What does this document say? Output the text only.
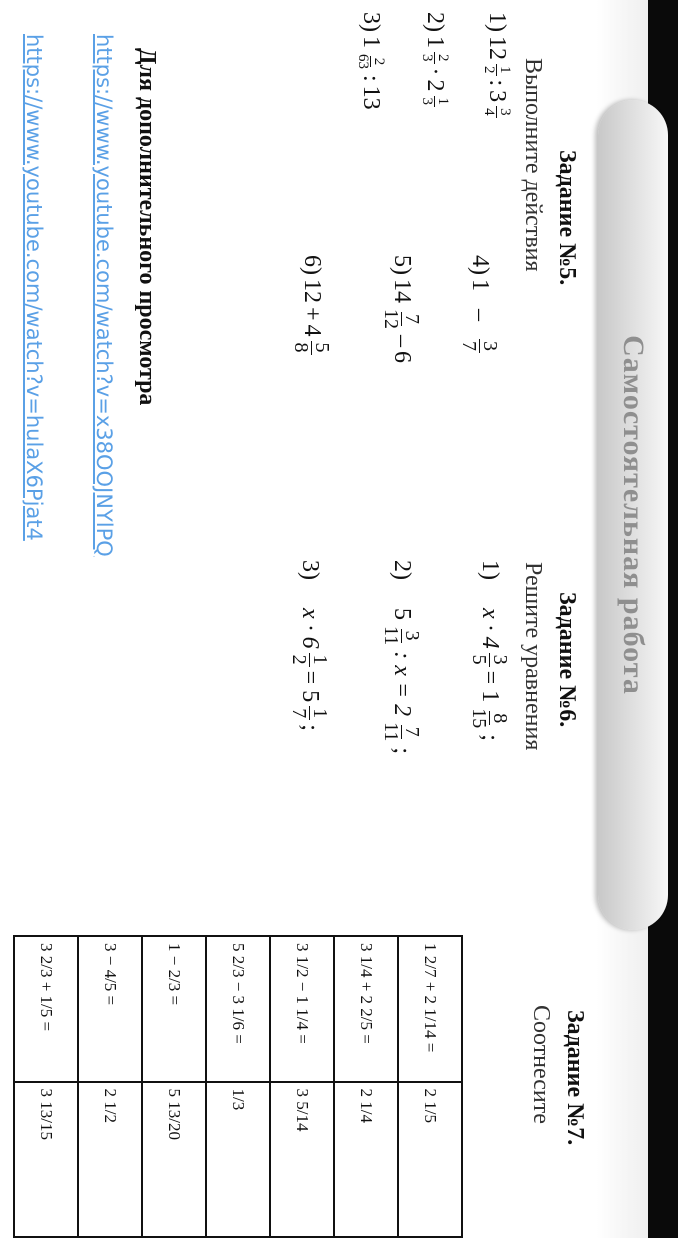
Самостоятельная работа
Задание №5.
Выполните действия
1)
12
1
2
:
3
3
4
2)
1
2
3
·
2
1
3
3)
1
2
63
:
13
4)
1
–
3
7
5)
14
7
12
–
6
6)
12
+
4
5
8
Задание №6.
Решите уравнения
1)
x · 4
3
5
= 1
8
15
;
2)
5
3
11
: x = 2
7
11
;
3)
x · 6
1
2
= 5
1
7
;
Задание №7.
Соотнесите
1 2/7 + 2 1/14 =	2 1/5

3 1/4 + 2 2/5 =	2 1/4

3 1/2 − 1 1/4 =	3 5/14

5 2/3 − 3 1/6 =	1/3

1 − 2/3 =	5 13/20

3 − 4/5 =	2 1/2

3 2/3 + 1/5 =	3 13/15
Для дополнительного просмотра
https://www.youtube.com/watch?v=x38OOJNYlPQ
https://www.youtube.com/watch?v=hulaX6Pjat4
